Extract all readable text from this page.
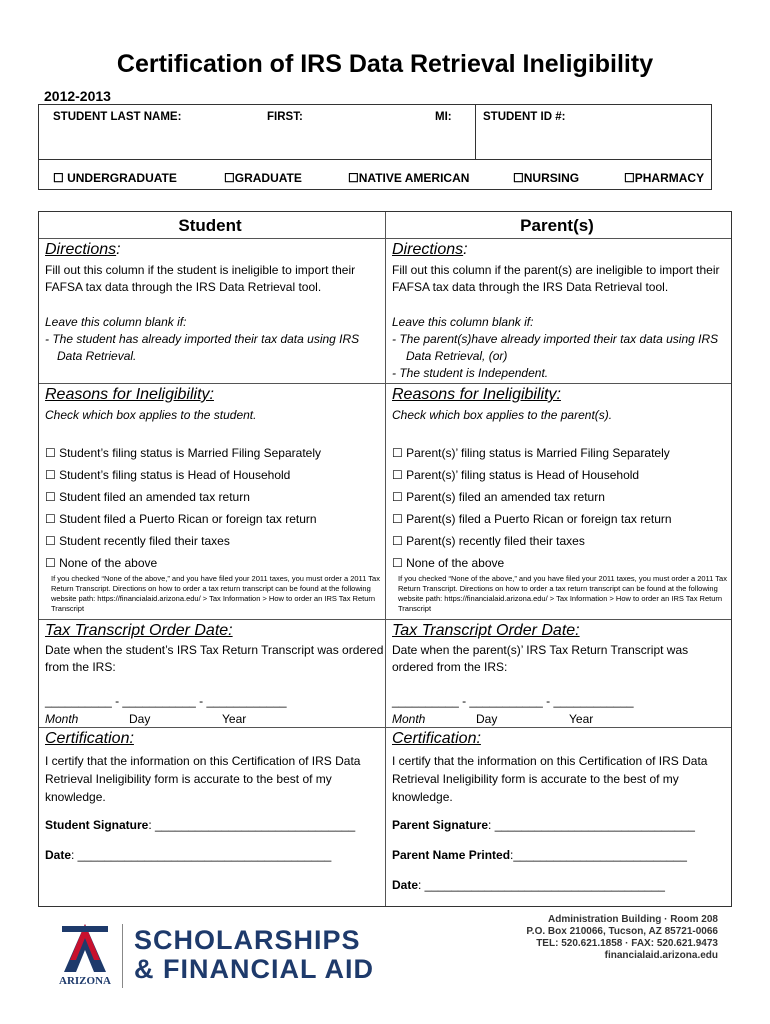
Certification of IRS Data Retrieval Ineligibility
2012-2013
STUDENT LAST NAME:	FIRST:	MI:	STUDENT ID #:
☐ UNDERGRADUATE	☐GRADUATE	☐NATIVE AMERICAN	☐NURSING	☐PHARMACY
Student
Directions:
Fill out this column if the student is ineligible to import their FAFSA tax data through the IRS Data Retrieval tool.
Leave this column blank if:
- The student has already imported their tax data using IRS Data Retrieval.
Reasons for Ineligibility:
Check which box applies to the student.
☐ Student’s filing status is Married Filing Separately
☐ Student’s filing status is Head of Household
☐ Student filed an amended tax return
☐ Student filed a Puerto Rican or foreign tax return
☐ Student recently filed their taxes
☐ None of the above
If you checked “None of the above,” and you have filed your 2011 taxes, you must order a 2011 Tax Return Transcript. Directions on how to order a tax return transcript can be found at the following website path: https://financialaid.arizona.edu/ > Tax Information > How to order an IRS Tax Return Transcript
Tax Transcript Order Date:
Date when the student’s IRS Tax Return Transcript was ordered from the IRS:
__________ - ___________ - ____________
Month	Day	Year
Certification:
I certify that the information on this Certification of IRS Data Retrieval Ineligibility form is accurate to the best of my knowledge.
Student Signature: ______________________________
Date: ______________________________________
Parent(s)
Directions:
Fill out this column if the parent(s) are ineligible to import their FAFSA tax data through the IRS Data Retrieval tool.
Leave this column blank if:
- The parent(s)have already imported their tax data using IRS Data Retrieval, (or)
- The student is Independent.
Reasons for Ineligibility:
Check which box applies to the parent(s).
☐ Parent(s)’ filing status is Married Filing Separately
☐ Parent(s)’ filing status is Head of Household
☐ Parent(s) filed an amended tax return
☐ Parent(s) filed a Puerto Rican or foreign tax return
☐ Parent(s) recently filed their taxes
☐ None of the above
If you checked “None of the above,” and you have filed your 2011 taxes, you must order a 2011 Tax Return Transcript. Directions on how to order a tax return transcript can be found at the following website path: https://financialaid.arizona.edu/ > Tax Information > How to order an IRS Tax Return Transcript
Tax Transcript Order Date:
Date when the parent(s)’ IRS Tax Return Transcript was ordered from the IRS:
__________ - ___________ - ____________
Month	Day	Year
Certification:
I certify that the information on this Certification of IRS Data Retrieval Ineligibility form is accurate to the best of my knowledge.
Parent Signature: ______________________________
Parent Name Printed:__________________________
Date: ____________________________________
ARIZONA
SCHOLARSHIPS
& FINANCIAL AID
Administration Building · Room 208
P.O. Box 210066, Tucson, AZ 85721-0066
TEL: 520.621.1858 · FAX: 520.621.9473
financialaid.arizona.edu
